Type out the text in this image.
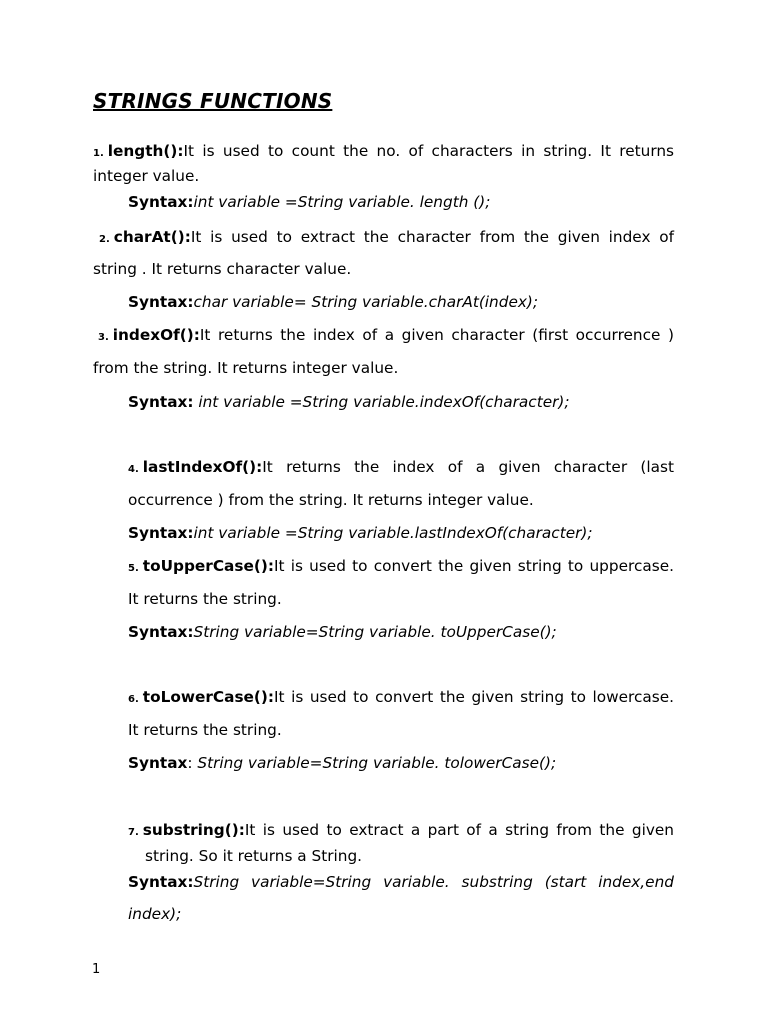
STRINGS FUNCTIONS
1. length():It is used to count the no. of characters in string. It returns
integer value.
Syntax:int variable =String variable. length ();
2. charAt():It is used to extract the character from the given index of
string . It returns character value.
Syntax:char variable= String variable.charAt(index);
3. indexOf():It returns the index of a given character (first occurrence )
from the string. It returns integer value.
Syntax: int variable =String variable.indexOf(character);
4. lastIndexOf():It returns the index of a given character (last
occurrence ) from the string. It returns integer value.
Syntax:int variable =String variable.lastIndexOf(character);
5. toUpperCase():It is used to convert the given string to uppercase.
It returns the string.
Syntax:String variable=String variable. toUpperCase();
6. toLowerCase():It is used to convert the given string to lowercase.
It returns the string.
Syntax: String variable=String variable. tolowerCase();
7. substring():It is used to extract a part of a string from the given
string. So it returns a String.
Syntax:String variable=String variable. substring (start index,end
index);
1
